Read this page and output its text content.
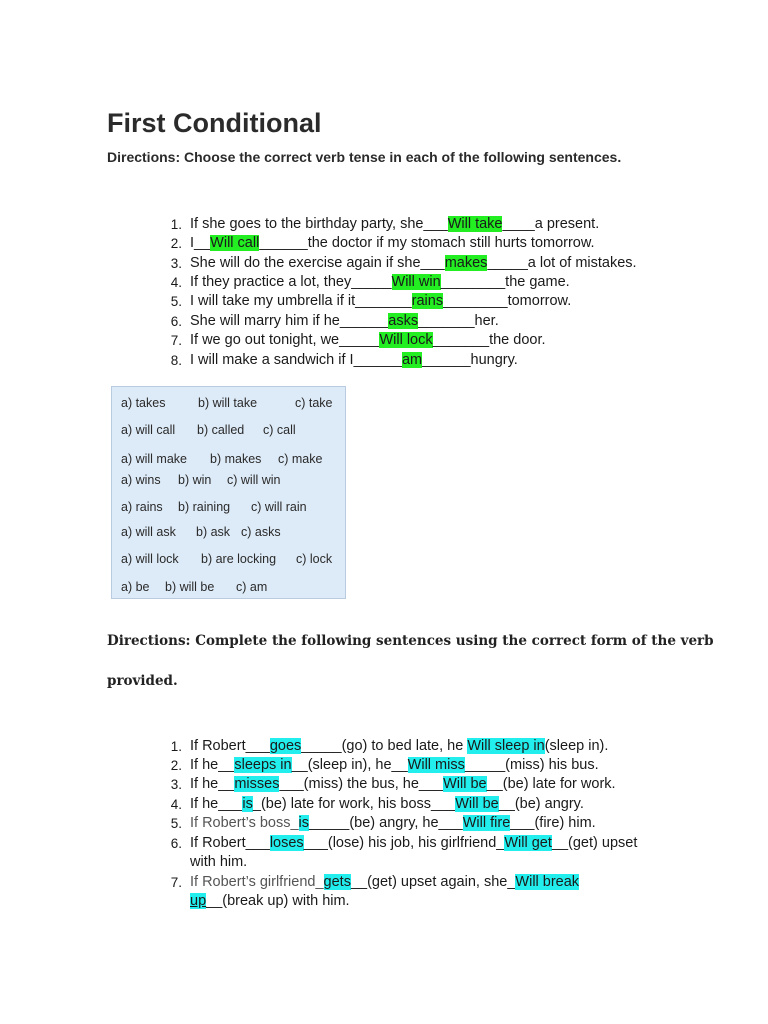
First Conditional
Directions: Choose the correct verb tense in each of the following sentences.
1. If she goes to the birthday party, she___Will take____a present.
2. I__Will call______the doctor if my stomach still hurts tomorrow.
3. She will do the exercise again if she___makes_____a lot of mistakes.
4. If they practice a lot, they_____Will win________the game.
5. I will take my umbrella if it_______rains________tomorrow.
6. She will marry him if he______asks_______her.
7. If we go out tonight, we_____Will lock_______the door.
8. I will make a sandwich if I______am______hungry.
a) takes	b) will take	c) take
a) will call b) called c) call
a) will make b) makes c) make
a) wins b) win c) will win
a) rains b) raining c) will rain
a) will ask b) ask c) asks
a) will lock b) are locking c) lock
a) be b) will be c) am
Directions: Complete the following sentences using the correct form of the verb
provided.
1. If Robert___goes_____(go) to bed late, he Will sleep in(sleep in).
2. If he__sleeps in__(sleep in), he__Will miss_____(miss) his bus.
3. If he__misses___(miss) the bus, he___Will be__(be) late for work.
4. If he___is_(be) late for work, his boss___Will be__(be) angry.
5. If Robert’s boss_is_____(be) angry, he___Will fire___(fire) him.
6. If Robert___loses___(lose) his job, his girlfriend_Will get__(get) upset
with him.
7. If Robert’s girlfriend_gets__(get) upset again, she_Will break
up__(break up) with him.
